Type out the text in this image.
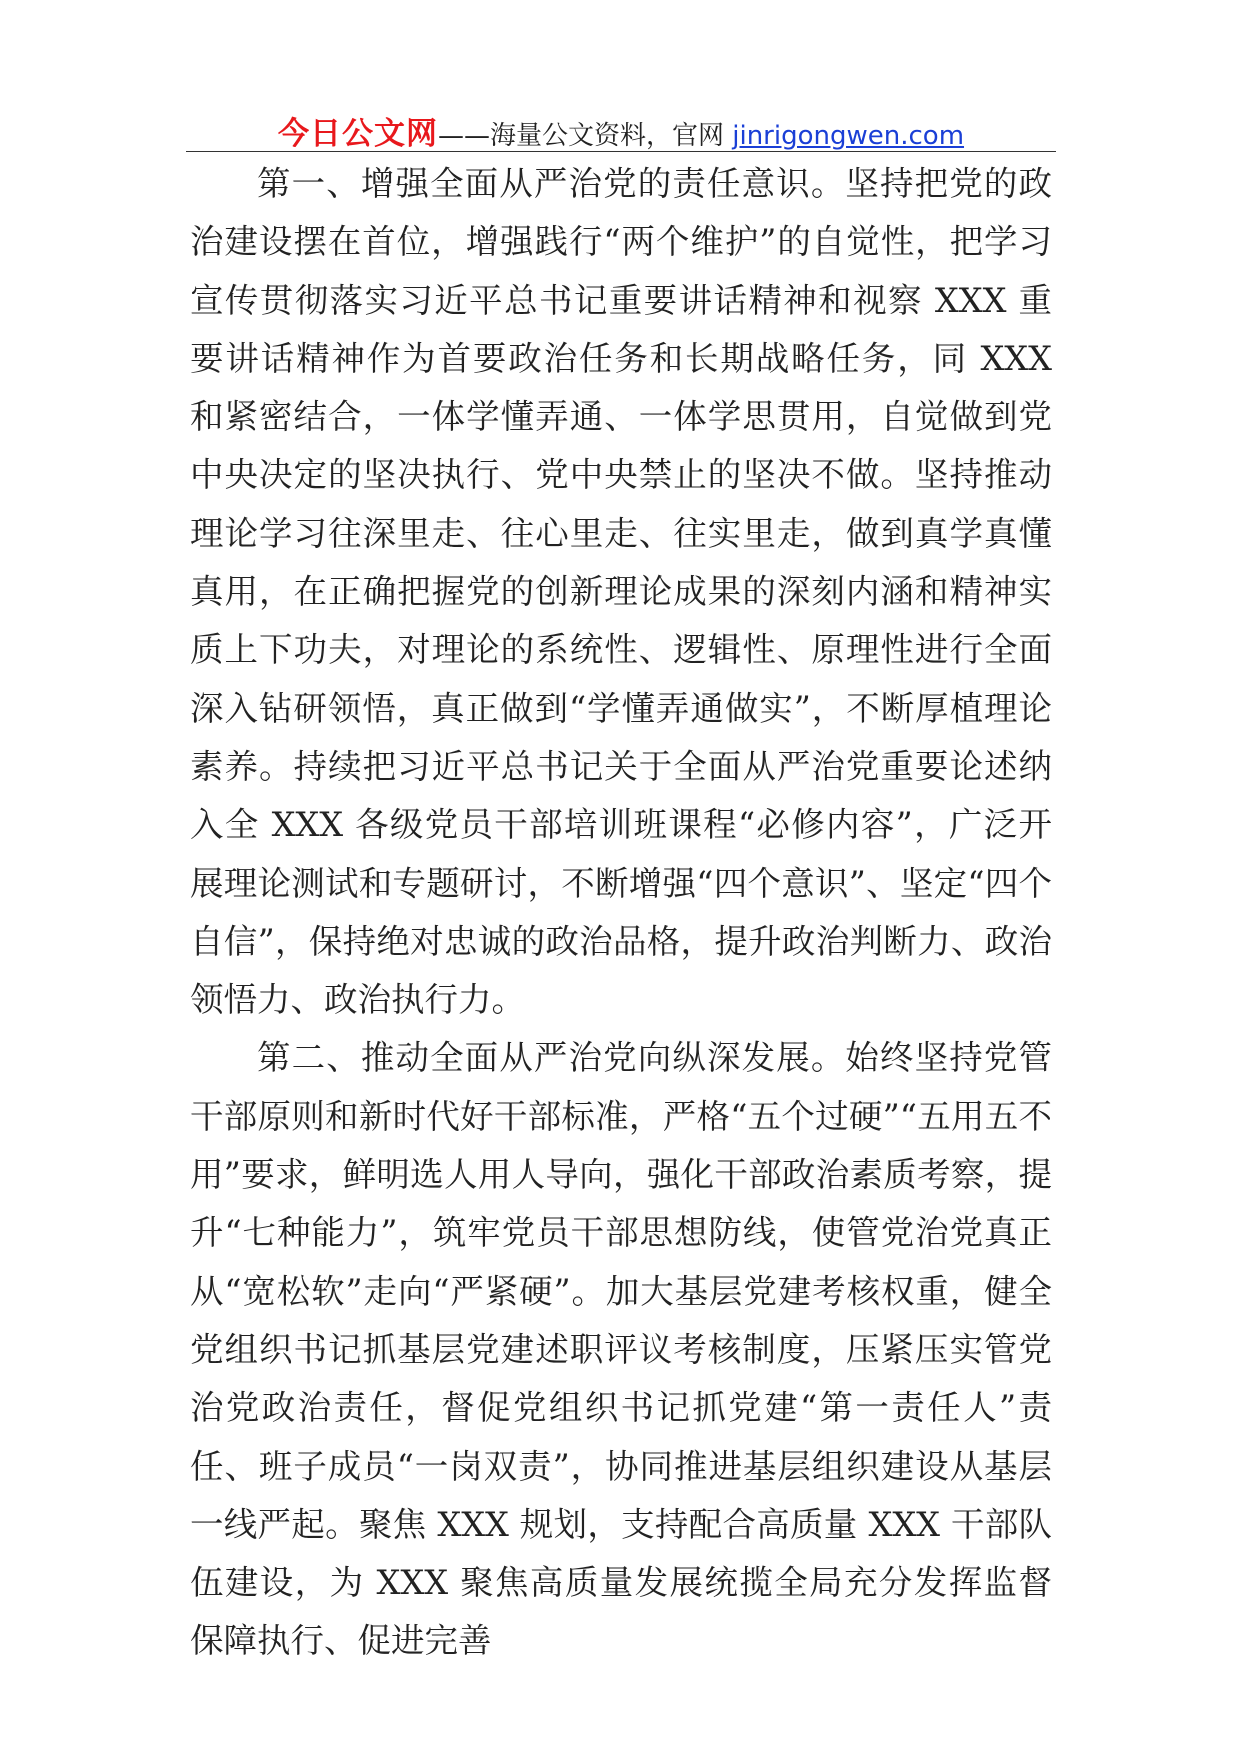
今日公文网——海量公文资料，官网 jinrigongwen.com

第一、增强全面从严治党的责任意识。坚持把党的政治建设摆在首位，增强践行“两个维护”的自觉性，把学习宣传贯彻落实习近平总书记重要讲话精神和视察 XXX 重要讲话精神作为首要政治任务和长期战略任务，同 XXX 和紧密结合，一体学懂弄通、一体学思贯用，自觉做到党中央决定的坚决执行、党中央禁止的坚决不做。坚持推动理论学习往深里走、往心里走、往实里走，做到真学真懂真用，在正确把握党的创新理论成果的深刻内涵和精神实质上下功夫，对理论的系统性、逻辑性、原理性进行全面深入钻研领悟，真正做到“学懂弄通做实”，不断厚植理论素养。持续把习近平总书记关于全面从严治党重要论述纳入全 XXX 各级党员干部培训班课程“必修内容”，广泛开展理论测试和专题研讨，不断增强“四个意识”、坚定“四个自信”，保持绝对忠诚的政治品格，提升政治判断力、政治领悟力、政治执行力。

第二、推动全面从严治党向纵深发展。始终坚持党管干部原则和新时代好干部标准，严格“五个过硬”“五用五不用”要求，鲜明选人用人导向，强化干部政治素质考察，提升“七种能力”，筑牢党员干部思想防线，使管党治党真正从“宽松软”走向“严紧硬”。加大基层党建考核权重，健全党组织书记抓基层党建述职评议考核制度，压紧压实管党治党政治责任，督促党组织书记抓党建“第一责任人”责任、班子成员“一岗双责”，协同推进基层组织建设从基层一线严起。聚焦 XXX 规划，支持配合高质量 XXX 干部队伍建设，为 XXX 聚焦高质量发展统揽全局充分发挥监督保障执行、促进完善
